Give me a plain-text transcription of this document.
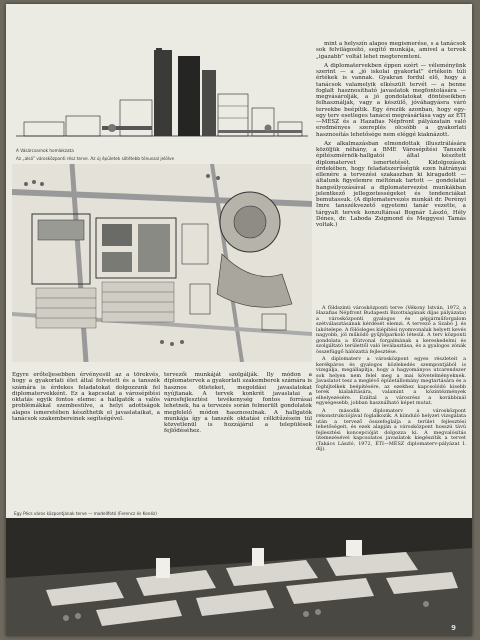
A Vásárcsarnok homlokzata
Az „alsó” városközponti rész terve. Az új épületek sötétebb tónussal jelölve

mint a helyszín alapos megismerése, s a tanácsok sok felvilágosító, segítő munkája, amivel a tervek „igazabb” voltát lehet megteremteni.

A diplomatervekben éppen ezért — véleményünk szerint — a „jó iskolai gyakorlat” értékein túli értékek is vannak. Gyakran fordul elő, hogy a tanácsok valamelyik elkészült tervét — a benne foglalt hasznosítható javaslatok megfontolására — megvásárolják, a jó gondolatokat döntéseikben felhasználják, vagy a készülő, jóváhagyásra váró tervekbe beépítik. Egy érezük azonban, hogy egy-egy terv esetleges tanácsi megvásárlása vagy az ÉTI—MÉSZ és a Hazafias Népfront pályázatain való eredményes szereplés olcsóbb a gyakorlati hasznosítás lehetősége nem eléggé kiaknázott.

Az alkalmazásban elmondottak illusztrálására közöljük néhány, a BME Városépítési Tanszék építészmérnök-hallgatói által készített diplomatervet ismertetését. Kidolgozásuk érdekében, hogy feladatszerűségük ezen hátrányai ellenére a tervezési szakaszban ki kiragadott — általunk figyelemre méltónak tartott — gondolatai hangsúlyozásával a diplomatervezési munkákban jelentkező jellegzetességeket és tendenciákat bemutassuk. (A diplomatervezés munkát dr. Perényi Imre tanszékvezető egyetemi tanár vezette, a tárgyalt tervek konzultánsai Bognár László, Hély Dénes, dr. Laboda Zsigmond és Meggyesi Tamás voltak.)

A földszinti városközponti terve (Vékony István, 1972, a Hazafias Népfront Budapesti Bizottságának díjas pályázata) a városközponti gyalogos és gépjárműforgalom szétválasztásának kérdését elemzi. A tervező a Szabó J. és lakótelepe. A fölösleges kiépítési nyomvonalak helyett kevés nagyobb, jól működő gyűjtőparkoló létesül. A terv központi gondolata a főútvonal forgalmának a kereskedelmi és szolgáltató területtől való leválasztása, és a gyalogos zónák összefüggő hálózattá fejlesztése.

A diplomaterv a városközpont egyes részleteit a kerékpáros és gyalogos közlekedés szempontjából is vizsgálja, megállapítja, hogy a hagyományos utcarendszer sok helyen nem felel meg a mai követelményeknek. Javaslatot tesz a meglévő épületállomány megtartására és a foghíjtelkek beépítésére, az ezekhez kapcsolódó kisebb terek kialakítására, valamint a közintézmények elhelyezésére. Ezáltal a városrész a korábbinál egységesebb, jobban használható képet mutat.

A második diplomaterv a városközpont rekonstrukciójával foglalkozik. A kiinduló helyzet vizsgálata után a tervező összefoglalja a terület fejlesztési lehetőségeit, és ezek alapján a városközpont hosszú távú fejlesztési koncepcióját dolgozza ki. A megvalósítás ütemezésével kapcsolatos javaslatok kiegészítik a tervet (Takács László, 1972, ÉTI—MÉSZ diplomaterv-pályázat I. díj).

Egyre erőteljesebben érvényesül az a törekvés, hogy a gyakorlati élet által felvetett és a tanszék számára is érdekes feladatokat dolgozzunk fel diplomatervekként. Ez a kapcsolat a városépítési oktatás egyik fontos eleme: a hallgatók a valós problémákkal szembesülve, a helyi adottságok alapos ismeretében készíthetik el javaslataikat, a tanácsok szakembereinek segítségével.
tervezői munkáját szolgálják. Ily módon a diplomatervek a gyakorlati szakemberek számára is hasznos ötleteket, megoldási javaslatokat nyújtanak. A tervek konkrét javaslatai a városfejlesztési tevékenység fontos forrásai lehetnek, ha a tervezés során felmerült gondolatok megfelelő módon hasznosulnak. A hallgatók munkája így a tanszék oktatási célkitűzésein túl közvetlenül is hozzájárul a települések fejlődéséhez.
Egy Pécs város központjának terve — modellfotó (Ferencz és Kenéz)
9
